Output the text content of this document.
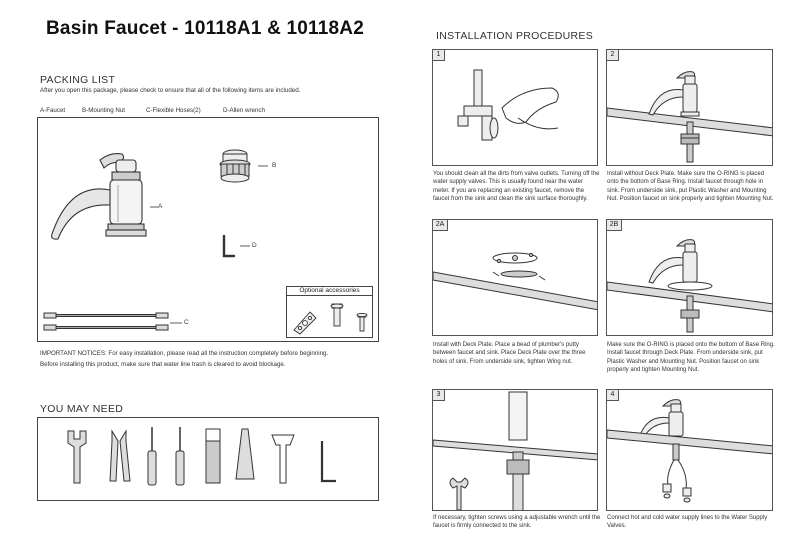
Basin Faucet - 10118A1 & 10118A2
PACKING LIST
After you open this package, please check to ensure that all of the following items are included.
A-Faucet	B-Mounting Nut	C-Flexible Hoses(2)	D-Allen wrench
A
B
D
C
Optional accessories
IMPORTANT NOTICES: For easy installation, please read all the instruction completely before beginning.
Before installing this product, make sure that water line trash is cleared to avoid blockage.
YOU MAY NEED
INSTALLATION PROCEDURES
1
You should clean all the dirts from valve outlets. Turning off the water supply valves. This is usually found near the water meter. If you are replacing an existing faucet, remove the faucet from the sink and clean the sink surface thoroughly.
2
Install without Deck Plate. Make sure the O-RING is placed onto the bottom of Base Ring. Install faucet through hole in sink. From underside sink, put Plastic Washer and Mounting Nut. Position faucet on sink properly and tighten Mounting Nut.
2A
Install with Deck Plate. Place a bead of plumber's putty between faucet and sink. Place Deck Plate over the three holes of sink. From underside sink, tighten Wing nut.
2B
Make sure the O-RING is placed onto the bottom of Base Ring. Install faucet through Deck Plate. From underside sink, put Plastic Washer and Mounting Nut. Position faucet on sink properly and tighten Mounting Nut.
3
If necessary, tighten screws using a adjustable wrench until the faucet is firmly connected to the sink.
4
Connect hot and cold water supply lines to the Water Supply Valves.
